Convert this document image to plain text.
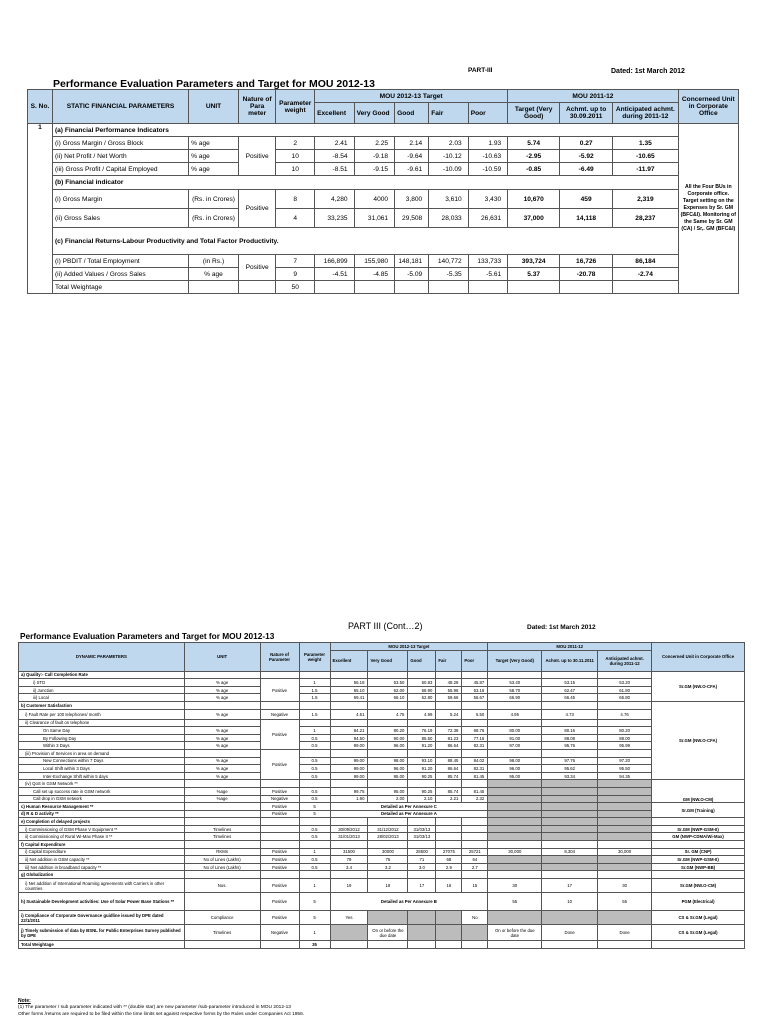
PART-III	Dated: 1st March 2012
Performance Evaluation Parameters and Target for MOU 2012-13
S. No.	STATIC FINANCIAL PARAMETERS	UNIT	Nature of Para meter	Parameter weight	MOU 2012-13 Target					MOU 2011-12			Concerneed Unit in Corporate Office
					Excellent	Very Good	Good	Fair	Poor	Target (Very Good)	Achmt. up to 30.09.2011	Anticipated achmt. during 2011-12	
1	(a) Financial Performance Indicators												All the Four BUs in Corporate office. Target setting on the Expenses by Sr. GM (BFC&I). Monitoring of the Same by Sr. GM (CA) / Sr,. GM (BFC&I)
	(i) Gross Margin / Gross Block	% age	Positive	2	2.41	2.25	2.14	2.03	1.93	5.74	0.27	1.35	
	(ii) Net Profit / Net Worth	% age		10	-8.54	-9.18	-9.64	-10.12	-10.63	-2.95	-5.92	-10.65	
	(iii) Gross Profit / Capital Employed	% age		10	-8.51	-9.15	-9.61	-10.09	-10.59	-0.85	-6.49	-11.97	
	(b) Financial indicator												
	(i) Gross Margin	(Rs. in Crores)	Positive	8	4,280	4000	3,800	3,610	3,430	10,670	459	2,319	
	(ii) Gross Sales	(Rs. in Crores)		4	33,235	31,061	29,508	28,033	26,631	37,000	14,118	28,237	
	(c) Financial Returns-Labour Productivity and Total Factor Productivity.												
	(i) PBDIT / Total Employment	(in Rs.)	Positive	7	166,899	155,980	148,181	140,772	133,733	393,724	16,726	86,184	
	(ii) Added Values / Gross Sales	% age		9	-4.51	-4.85	-5.09	-5.35	-5.61	5.37	-20.78	-2.74	
	Total Weightage			50									
PART III (Cont…2)	Dated: 1st March 2012
Performance Evaluation Parameters and Target for MOU 2012-13
DYNAMIC PARAMETERS	UNIT	Nature of Parameter	Parameter weight	MOU 2012-13 Target					MOU 2011-12			Concerned Unit in Corporate Office
				Excellent	Very Good	Good	Fair	Poor	Target (Very Good)	Achmt. up to 30.11.2011	Anticipated achmt. during 2011-12	
a) Quality:- Call Completion Rate												Sr.GM (NW.O-CFA)
i) STD	% age	Positive	1	56.18	53.50	50.83	48.28	45.87	53.40	53.15	53.20	
ii) Junction	% age		1.5	65.10	62.00	58.90	55.96	53.16	58.70	62.47	61.80	
iii) Local	% age		1.5	69.41	66.10	62.80	59.66	56.67	66.90	66.45	65.80	
b) Customer Satisfaction												Sr.GM (NW.O-CFA)
i) Fault Rate per 100 telephones/ month	% age	Negative	1.5	4.51	4.75	4.99	5.24	5.50	4.95	4.73	4.76	
ii) Clearance of fault on telephone		Positive										
On Same Day	% age		1	84.21	80.20	76.19	72.38	68.76	80.00	80.16	80.20	
By Following Day	% age		0.5	94.50	90.00	85.50	81.23	77.16	91.00	88.08	88.00	
Within 3 Days	% age		0.5	99.00	96.00	91.20	86.64	82.31	97.00	95.76	95.99	
(iii) Provision of Services in area on demand		Positive										
New Connections within 7 Days	% age		0.5	99.00	98.00	93.10	88.45	84.02	98.00	97.76	97.20	
Local Shift within 3 Days	% age		0.5	99.00	96.00	91.20	86.64	82.31	96.00	95.62	95.50	
Inter-Exchange Shift within 5 days	% age		0.5	99.00	95.00	90.25	85.74	81.45	95.00	93.34	94.35	
(iv) QoS in GSM Network **												GM (NW.O-CM)
Call set up success rate in GSM network	%age	Positive	0.5	99.75	95.00	90.25	85.74	81.45				
Call drop in GSM network	%age	Negative	0.5	1.90	2.00	2.10	2.21	2.32				
c) Human Resource Management **		Positive	5	Detailed as Per Annexure C								Sr.GM (Training)
d) R & D activity **		Positive	5	Detailed as Per Annexure A								
e) Completion of delayed projects												
i) Commissioning of GSM Phase V Equipment **	Timelines		0.5	30/09/2012	31/12/2012	31/03/13						Sr.GM (NWP-GSM-II)
ii) Commissioning of Rural Wi-Max Phase II **	Timelines		0.5	31/01/2013	28/02/2013	31/03/13						GM (NWP-CDMA/Wi-Max)
f) Capital Expenditure												
i) Capital Expenditure	RKMs	Positive	1	31500	30000	28500	27075	25721	30,000	8,304	30,000	Sr. GM (CNP)
ii) Net addition in GSM capacity **	No of Lines (Lakhs)	Positive	0.5	79	75	71	68	64				Sr.GM (NWP-GSM-II)
iii) Net addition in broadband capacity **	No of Lines (Lakhs)	Positive	0.5	3.4	3.2	3.0	2.9	2.7				Sr.GM (NWP-BB)
g) Globalization												
i) Net addition of International Roaming agreements with Carriers in other countries	Nos.	Positive	1	19	18	17	16	15	30	17	30	Sr.GM (NW.O-CM)
h) Sustainable Development activities: Use of Solar Power Base Stations **		Positive	5	Detailed as Per Annexure B					55	10	55	PGM (Electrical)
i) Compliance of Corporate Governance guidline issued by DPE dated 22/1/2011	Compliance	Positive	5	Yes				No				CS & Sr.GM (Legal)
j) Timely submission of data by BSNL for Public Enterprises Survey published by DPE	Timelines	Negative	1		On or before the due date				On or before the due date	Done	Done	CS & Sr.GM (Legal)
Total Weightage			35									
Note:
(1) The parameter / sub parameter indicated with ** (double star) are new parameter /sub-parameter introduced in MOU 2012-13
Other forms /returns are required to be filed within the time limits set against respective forms by the Rules under Companies Act 1956.
